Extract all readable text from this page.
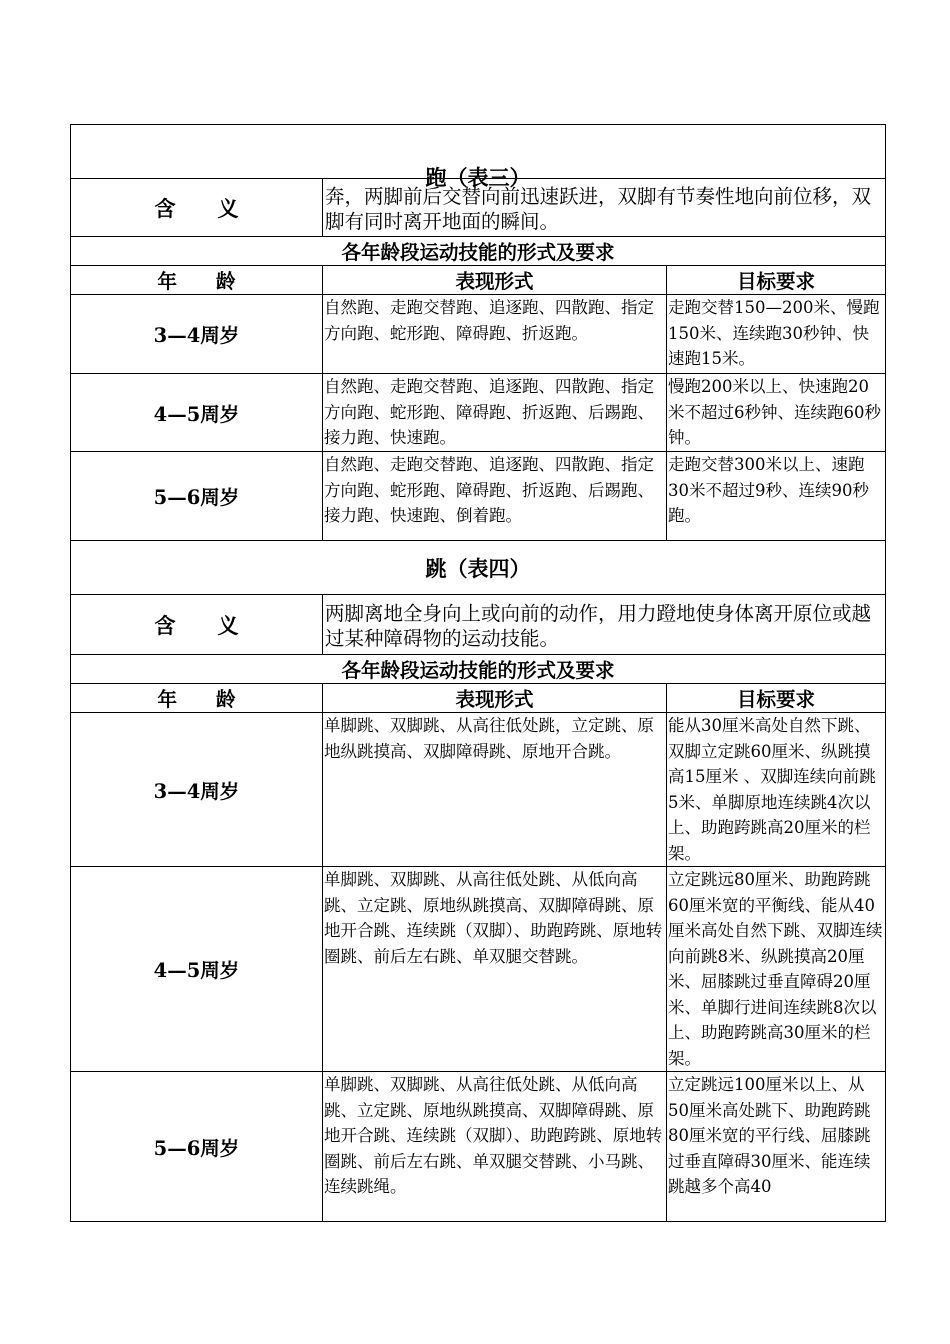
跑（表三）		
含　　义	奔，两脚前后交替向前迅速跃进，双脚有节奏性地向前位移，双脚有同时离开地面的瞬间。	
各年龄段运动技能的形式及要求		
年　　龄	表现形式	目标要求
3—4周岁	自然跑、走跑交替跑、追逐跑、四散跑、指定方向跑、蛇形跑、障碍跑、折返跑。	走跑交替150—200米、慢跑150米、连续跑30秒钟、快速跑15米。
4—5周岁	自然跑、走跑交替跑、追逐跑、四散跑、指定方向跑、蛇形跑、障碍跑、折返跑、后踢跑、接力跑、快速跑。	慢跑200米以上、快速跑20米不超过6秒钟、连续跑60秒钟。
5—6周岁	自然跑、走跑交替跑、追逐跑、四散跑、指定方向跑、蛇形跑、障碍跑、折返跑、后踢跑、接力跑、快速跑、倒着跑。	走跑交替300米以上、速跑30米不超过9秒、连续90秒跑。
跳（表四）		
含　　义	两脚离地全身向上或向前的动作，用力蹬地使身体离开原位或越过某种障碍物的运动技能。	
各年龄段运动技能的形式及要求		
年　　龄	表现形式	目标要求
3—4周岁	单脚跳、双脚跳、从高往低处跳，立定跳、原地纵跳摸高、双脚障碍跳、原地开合跳。	能从30厘米高处自然下跳、双脚立定跳60厘米、纵跳摸高15厘米 、双脚连续向前跳5米、单脚原地连续跳4次以上、助跑跨跳高20厘米的栏架。
4—5周岁	单脚跳、双脚跳、从高往低处跳、从低向高跳、立定跳、原地纵跳摸高、双脚障碍跳、原地开合跳、连续跳（双脚）、助跑跨跳、原地转圈跳、前后左右跳、单双腿交替跳。	立定跳远80厘米、助跑跨跳60厘米宽的平衡线、能从40厘米高处自然下跳、双脚连续向前跳8米、纵跳摸高20厘米、屈膝跳过垂直障碍20厘米、单脚行进间连续跳8次以上、助跑跨跳高30厘米的栏架。
5—6周岁	单脚跳、双脚跳、从高往低处跳、从低向高跳、立定跳、原地纵跳摸高、双脚障碍跳、原地开合跳、连续跳（双脚）、助跑跨跳、原地转圈跳、前后左右跳、单双腿交替跳、小马跳、连续跳绳。	立定跳远100厘米以上、从50厘米高处跳下、助跑跨跳80厘米宽的平行线、屈膝跳过垂直障碍30厘米、能连续跳越多个高40
